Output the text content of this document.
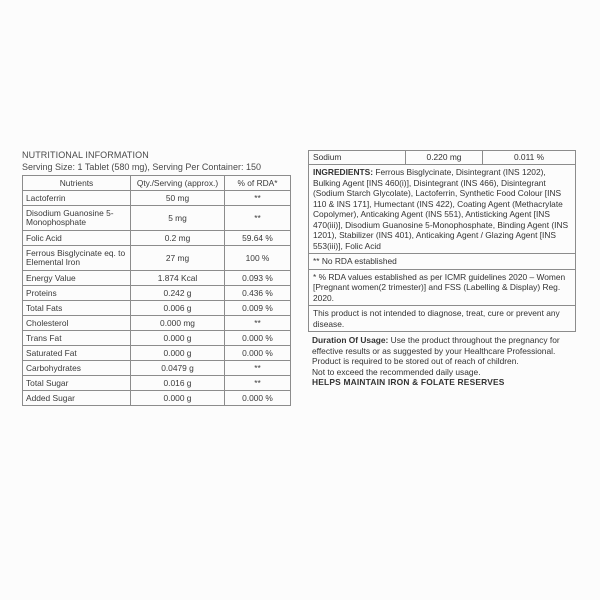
NUTRITIONAL INFORMATION
Serving Size: 1 Tablet (580 mg), Serving Per Container: 150
Nutrients	Qty./Serving (approx.)	% of RDA*
Lactoferrin	50 mg	**
Disodium Guanosine 5-Monophosphate	5 mg	**
Folic Acid	0.2 mg	59.64 %
Ferrous Bisglycinate eq. to Elemental Iron	27 mg	100 %
Energy Value	1.874 Kcal	0.093 %
Proteins	0.242 g	0.436 %
Total Fats	0.006 g	0.009 %
Cholesterol	0.000 mg	**
Trans Fat	0.000 g	0.000 %
Saturated Fat	0.000 g	0.000 %
Carbohydrates	0.0479 g	**
Total Sugar	0.016 g	**
Added Sugar	0.000 g	0.000 %
Sodium	0.220 mg	0.011 %
INGREDIENTS: Ferrous Bisglycinate, Disintegrant (INS 1202), Bulking Agent [INS 460(i)], Disintegrant (INS 466), Disintegrant (Sodium Starch Glycolate), Lactoferrin, Synthetic Food Colour [INS 110 & INS 171], Humectant (INS 422), Coating Agent (Methacrylate Copolymer), Anticaking Agent (INS 551), Antisticking Agent [INS 470(iii)], Disodium Guanosine 5-Monophosphate, Binding Agent (INS 1201), Stabilizer (INS 401), Anticaking Agent / Glazing Agent [INS 553(iii)], Folic Acid
** No RDA established
* % RDA values established as per ICMR guidelines 2020 – Women [Pregnant women(2 trimester)] and FSS (Labelling & Display) Reg. 2020.
This product is not intended to diagnose, treat, cure or prevent any disease.
Duration Of Usage: Use the product throughout the pregnancy for effective results or as suggested by your Healthcare Professional. Product is required to be stored out of reach of children.
Not to exceed the recommended daily usage.
HELPS MAINTAIN IRON & FOLATE RESERVES
